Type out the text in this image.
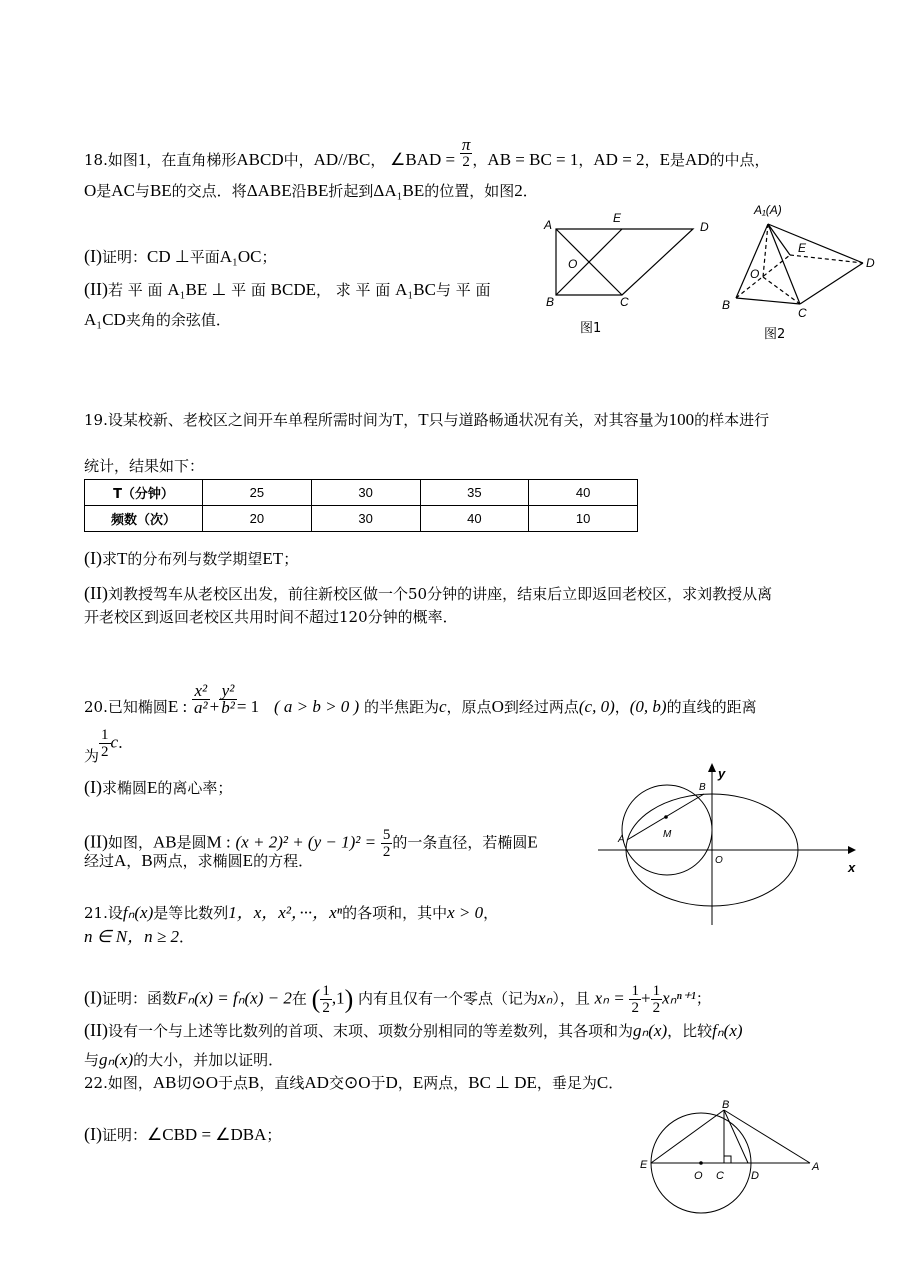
18.如图1，在直角梯形ABCD中，AD//BC， ∠BAD = $\frac{\pi}{2}$ ，AB = BC = 1，AD = 2，E是AD的中点，
O是AC与BE的交点．将ΔABE沿BE折起到ΔA₁BE的位置，如图2．
(I)证明：CD ⊥平面A₁OC；
(II)若 平 面 A₁BE ⊥ 平 面 BCDE， 求 平 面 A₁BC与 平 面
A₁CD夹角的余弦值．
A	E
D
O
B	C
图1
A₁(A)
E
D
O
B
C
图2
19.设某校新、老校区之间开车单程所需时间为T，T只与道路畅通状况有关，对其容量为100的样本进行
统计，结果如下：
T（分钟）	25	30	35	40
频数（次）	20	30	40	10
(I)求T的分布列与数学期望ET；
(II)刘教授驾车从老校区出发，前往新校区做一个50分钟的讲座，结束后立即返回老校区，求刘教授从离
开老校区到返回老校区共用时间不超过120分钟的概率．
20.已知椭圆E : $\frac{\text{x²}}{\text{a²}} + \frac{\text{y²}}{\text{b²}} = 1$ ( a > b > 0 ) 的半焦距为c，原点O到经过两点(c, 0)，(0, b)的直线的距离
为 $\frac{1}{2}$ c．
(I)求椭圆E的离心率；
(II)如图，AB是圆M : $(x + 2)^2 + (y - 1)^2 = \frac{5}{2}$ 的一条直径，若椭圆E
经过A，B两点，求椭圆E的方程．
y
x
B
A	M
O
21.设fₙ(x)是等比数列1，x，x²，···，xⁿ的各项和，其中x > 0，
n ∈ N，n ≥ 2．
(I)证明：函数Fₙ(x) = fₙ(x) − 2在 ( $\frac{1}{2} ,1$) 内有且仅有一个零点（记为xₙ），且 $x_n = \frac{1}{2} + \frac{1}{2} x_n^{n+1}$；
(II)设有一个与上述等比数列的首项、末项、项数分别相同的等差数列，其各项和为gₙ(x)，比较fₙ(x)
与gₙ(x)的大小，并加以证明．
22.如图，AB切⊙O于点B，直线AD交⊙O于D，E两点，BC ⊥ DE，垂足为C．
(I)证明：∠CBD = ∠DBA；
B
E
O C D
A
